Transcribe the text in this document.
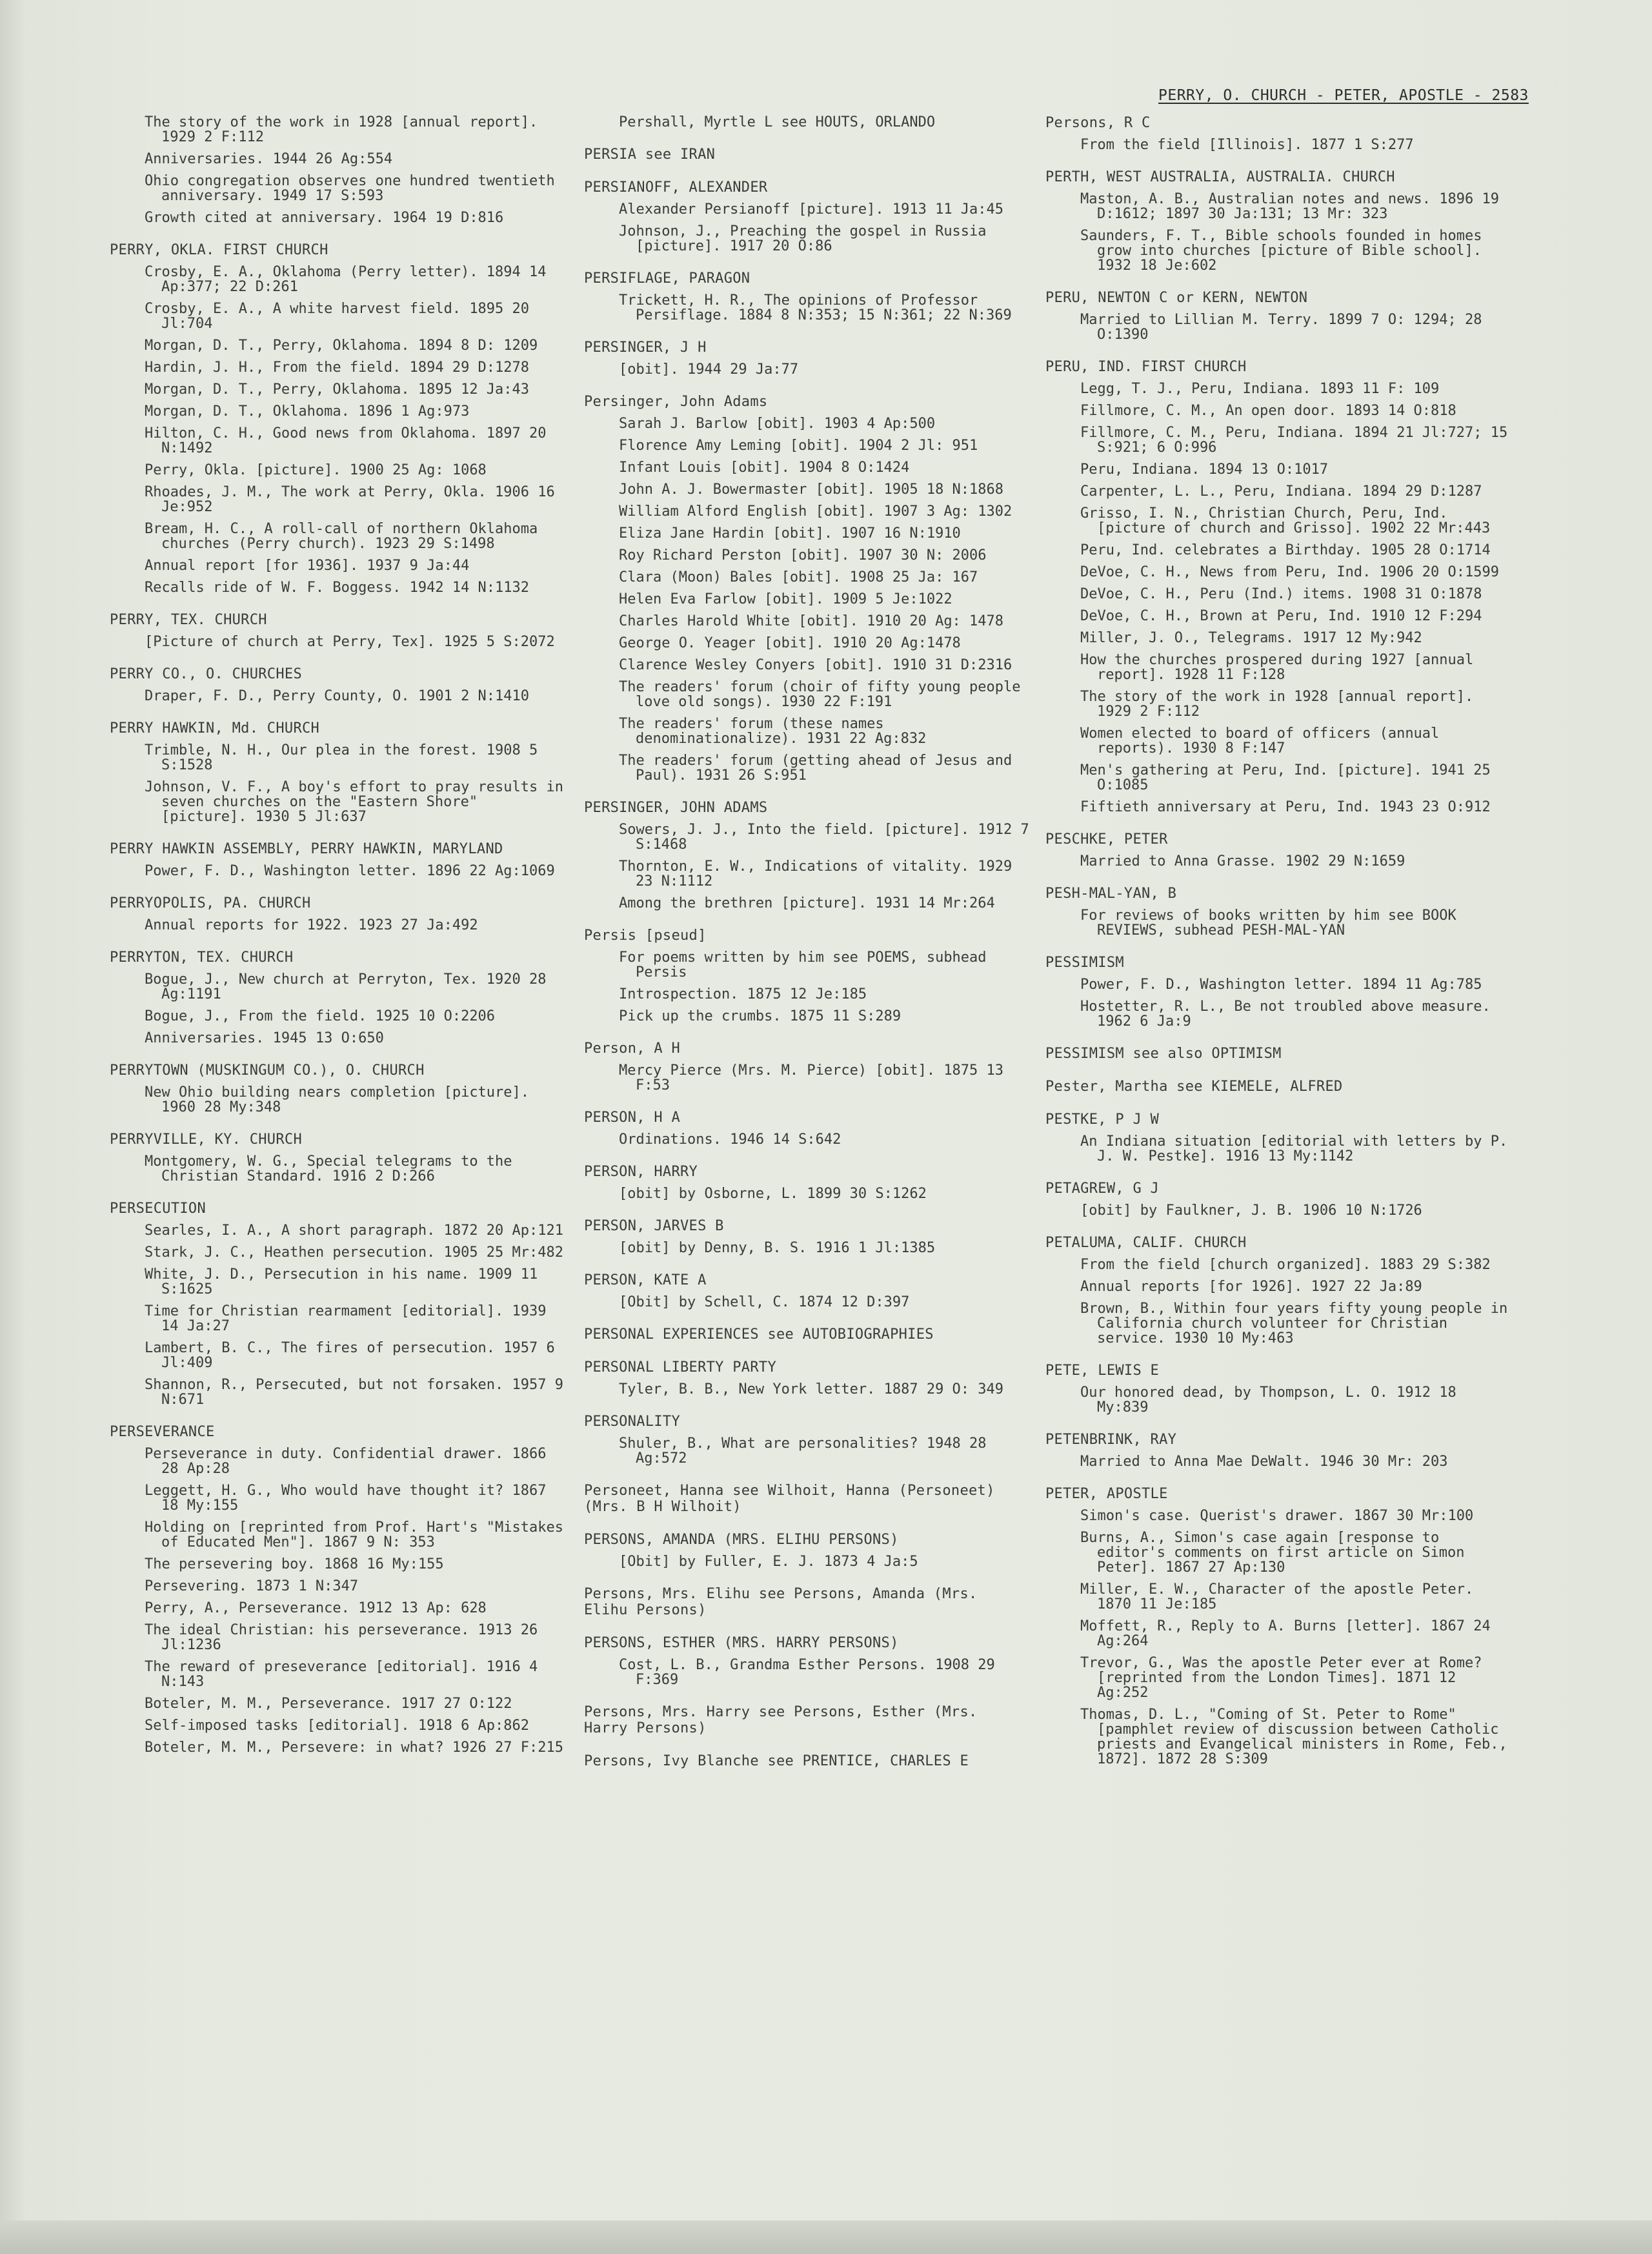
PERRY, O. CHURCH - PETER, APOSTLE - 2583
The story of the work in 1928 [annual report]. 1929 2 F:112
Anniversaries. 1944 26 Ag:554
Ohio congregation observes one hundred twentieth anniversary. 1949 17 S:593
Growth cited at anniversary. 1964 19 D:816
PERRY, OKLA. FIRST CHURCH
Crosby, E. A., Oklahoma (Perry letter). 1894 14 Ap:377; 22 D:261
Crosby, E. A., A white harvest field. 1895 20 Jl:704
Morgan, D. T., Perry, Oklahoma. 1894 8 D: 1209
Hardin, J. H., From the field. 1894 29 D:1278
Morgan, D. T., Perry, Oklahoma. 1895 12 Ja:43
Morgan, D. T., Oklahoma. 1896 1 Ag:973
Hilton, C. H., Good news from Oklahoma. 1897 20 N:1492
Perry, Okla. [picture]. 1900 25 Ag: 1068
Rhoades, J. M., The work at Perry, Okla. 1906 16 Je:952
Bream, H. C., A roll-call of northern Oklahoma churches (Perry church). 1923 29 S:1498
Annual report [for 1936]. 1937 9 Ja:44
Recalls ride of W. F. Boggess. 1942 14 N:1132
PERRY, TEX. CHURCH
[Picture of church at Perry, Tex]. 1925 5 S:2072
PERRY CO., O. CHURCHES
Draper, F. D., Perry County, O. 1901 2 N:1410
PERRY HAWKIN, Md. CHURCH
Trimble, N. H., Our plea in the forest. 1908 5 S:1528
Johnson, V. F., A boy's effort to pray results in seven churches on the "Eastern Shore" [picture]. 1930 5 Jl:637
PERRY HAWKIN ASSEMBLY, PERRY HAWKIN, MARYLAND
Power, F. D., Washington letter. 1896 22 Ag:1069
PERRYOPOLIS, PA. CHURCH
Annual reports for 1922. 1923 27 Ja:492
PERRYTON, TEX. CHURCH
Bogue, J., New church at Perryton, Tex. 1920 28 Ag:1191
Bogue, J., From the field. 1925 10 O:2206
Anniversaries. 1945 13 O:650
PERRYTOWN (MUSKINGUM CO.), O. CHURCH
New Ohio building nears completion [picture]. 1960 28 My:348
PERRYVILLE, KY. CHURCH
Montgomery, W. G., Special telegrams to the Christian Standard. 1916 2 D:266
PERSECUTION
Searles, I. A., A short paragraph. 1872 20 Ap:121
Stark, J. C., Heathen persecution. 1905 25 Mr:482
White, J. D., Persecution in his name. 1909 11 S:1625
Time for Christian rearmament [editorial]. 1939 14 Ja:27
Lambert, B. C., The fires of persecution. 1957 6 Jl:409
Shannon, R., Persecuted, but not forsaken. 1957 9 N:671
PERSEVERANCE
Perseverance in duty. Confidential drawer. 1866 28 Ap:28
Leggett, H. G., Who would have thought it? 1867 18 My:155
Holding on [reprinted from Prof. Hart's "Mistakes of Educated Men"]. 1867 9 N: 353
The persevering boy. 1868 16 My:155
Persevering. 1873 1 N:347
Perry, A., Perseverance. 1912 13 Ap: 628
The ideal Christian: his perseverance. 1913 26 Jl:1236
The reward of preseverance [editorial]. 1916 4 N:143
Boteler, M. M., Perseverance. 1917 27 O:122
Self-imposed tasks [editorial]. 1918 6 Ap:862
Boteler, M. M., Persevere: in what? 1926 27 F:215
Pershall, Myrtle L see HOUTS, ORLANDO
PERSIA see IRAN
PERSIANOFF, ALEXANDER
Alexander Persianoff [picture]. 1913 11 Ja:45
Johnson, J., Preaching the gospel in Russia [picture]. 1917 20 O:86
PERSIFLAGE, PARAGON
Trickett, H. R., The opinions of Professor Persiflage. 1884 8 N:353; 15 N:361; 22 N:369
PERSINGER, J H
[obit]. 1944 29 Ja:77
Persinger, John Adams
Sarah J. Barlow [obit]. 1903 4 Ap:500
Florence Amy Leming [obit]. 1904 2 Jl: 951
Infant Louis [obit]. 1904 8 O:1424
John A. J. Bowermaster [obit]. 1905 18 N:1868
William Alford English [obit]. 1907 3 Ag: 1302
Eliza Jane Hardin [obit]. 1907 16 N:1910
Roy Richard Perston [obit]. 1907 30 N: 2006
Clara (Moon) Bales [obit]. 1908 25 Ja: 167
Helen Eva Farlow [obit]. 1909 5 Je:1022
Charles Harold White [obit]. 1910 20 Ag: 1478
George O. Yeager [obit]. 1910 20 Ag:1478
Clarence Wesley Conyers [obit]. 1910 31 D:2316
The readers' forum (choir of fifty young people love old songs). 1930 22 F:191
The readers' forum (these names denominationalize). 1931 22 Ag:832
The readers' forum (getting ahead of Jesus and Paul). 1931 26 S:951
PERSINGER, JOHN ADAMS
Sowers, J. J., Into the field. [picture]. 1912 7 S:1468
Thornton, E. W., Indications of vitality. 1929 23 N:1112
Among the brethren [picture]. 1931 14 Mr:264
Persis [pseud]
For poems written by him see POEMS, subhead Persis
Introspection. 1875 12 Je:185
Pick up the crumbs. 1875 11 S:289
Person, A H
Mercy Pierce (Mrs. M. Pierce) [obit]. 1875 13 F:53
PERSON, H A
Ordinations. 1946 14 S:642
PERSON, HARRY
[obit] by Osborne, L. 1899 30 S:1262
PERSON, JARVES B
[obit] by Denny, B. S. 1916 1 Jl:1385
PERSON, KATE A
[Obit] by Schell, C. 1874 12 D:397
PERSONAL EXPERIENCES see AUTOBIOGRAPHIES
PERSONAL LIBERTY PARTY
Tyler, B. B., New York letter. 1887 29 O: 349
PERSONALITY
Shuler, B., What are personalities? 1948 28 Ag:572
Personeet, Hanna see Wilhoit, Hanna (Personeet) (Mrs. B H Wilhoit)
PERSONS, AMANDA (MRS. ELIHU PERSONS)
[Obit] by Fuller, E. J. 1873 4 Ja:5
Persons, Mrs. Elihu see Persons, Amanda (Mrs. Elihu Persons)
PERSONS, ESTHER (MRS. HARRY PERSONS)
Cost, L. B., Grandma Esther Persons. 1908 29 F:369
Persons, Mrs. Harry see Persons, Esther (Mrs. Harry Persons)
Persons, Ivy Blanche see PRENTICE, CHARLES E
Persons, R C
From the field [Illinois]. 1877 1 S:277
PERTH, WEST AUSTRALIA, AUSTRALIA. CHURCH
Maston, A. B., Australian notes and news. 1896 19 D:1612; 1897 30 Ja:131; 13 Mr: 323
Saunders, F. T., Bible schools founded in homes grow into churches [picture of Bible school]. 1932 18 Je:602
PERU, NEWTON C or KERN, NEWTON
Married to Lillian M. Terry. 1899 7 O: 1294; 28 O:1390
PERU, IND. FIRST CHURCH
Legg, T. J., Peru, Indiana. 1893 11 F: 109
Fillmore, C. M., An open door. 1893 14 O:818
Fillmore, C. M., Peru, Indiana. 1894 21 Jl:727; 15 S:921; 6 O:996
Peru, Indiana. 1894 13 O:1017
Carpenter, L. L., Peru, Indiana. 1894 29 D:1287
Grisso, I. N., Christian Church, Peru, Ind. [picture of church and Grisso]. 1902 22 Mr:443
Peru, Ind. celebrates a Birthday. 1905 28 O:1714
DeVoe, C. H., News from Peru, Ind. 1906 20 O:1599
DeVoe, C. H., Peru (Ind.) items. 1908 31 O:1878
DeVoe, C. H., Brown at Peru, Ind. 1910 12 F:294
Miller, J. O., Telegrams. 1917 12 My:942
How the churches prospered during 1927 [annual report]. 1928 11 F:128
The story of the work in 1928 [annual report]. 1929 2 F:112
Women elected to board of officers (annual reports). 1930 8 F:147
Men's gathering at Peru, Ind. [picture]. 1941 25 O:1085
Fiftieth anniversary at Peru, Ind. 1943 23 O:912
PESCHKE, PETER
Married to Anna Grasse. 1902 29 N:1659
PESH-MAL-YAN, B
For reviews of books written by him see BOOK REVIEWS, subhead PESH-MAL-YAN
PESSIMISM
Power, F. D., Washington letter. 1894 11 Ag:785
Hostetter, R. L., Be not troubled above measure. 1962 6 Ja:9
PESSIMISM see also OPTIMISM
Pester, Martha see KIEMELE, ALFRED
PESTKE, P J W
An Indiana situation [editorial with letters by P. J. W. Pestke]. 1916 13 My:1142
PETAGREW, G J
[obit] by Faulkner, J. B. 1906 10 N:1726
PETALUMA, CALIF. CHURCH
From the field [church organized]. 1883 29 S:382
Annual reports [for 1926]. 1927 22 Ja:89
Brown, B., Within four years fifty young people in California church volunteer for Christian service. 1930 10 My:463
PETE, LEWIS E
Our honored dead, by Thompson, L. O. 1912 18 My:839
PETENBRINK, RAY
Married to Anna Mae DeWalt. 1946 30 Mr: 203
PETER, APOSTLE
Simon's case. Querist's drawer. 1867 30 Mr:100
Burns, A., Simon's case again [response to editor's comments on first article on Simon Peter]. 1867 27 Ap:130
Miller, E. W., Character of the apostle Peter. 1870 11 Je:185
Moffett, R., Reply to A. Burns [letter]. 1867 24 Ag:264
Trevor, G., Was the apostle Peter ever at Rome? [reprinted from the London Times]. 1871 12 Ag:252
Thomas, D. L., "Coming of St. Peter to Rome" [pamphlet review of discussion between Catholic priests and Evangelical ministers in Rome, Feb., 1872]. 1872 28 S:309
